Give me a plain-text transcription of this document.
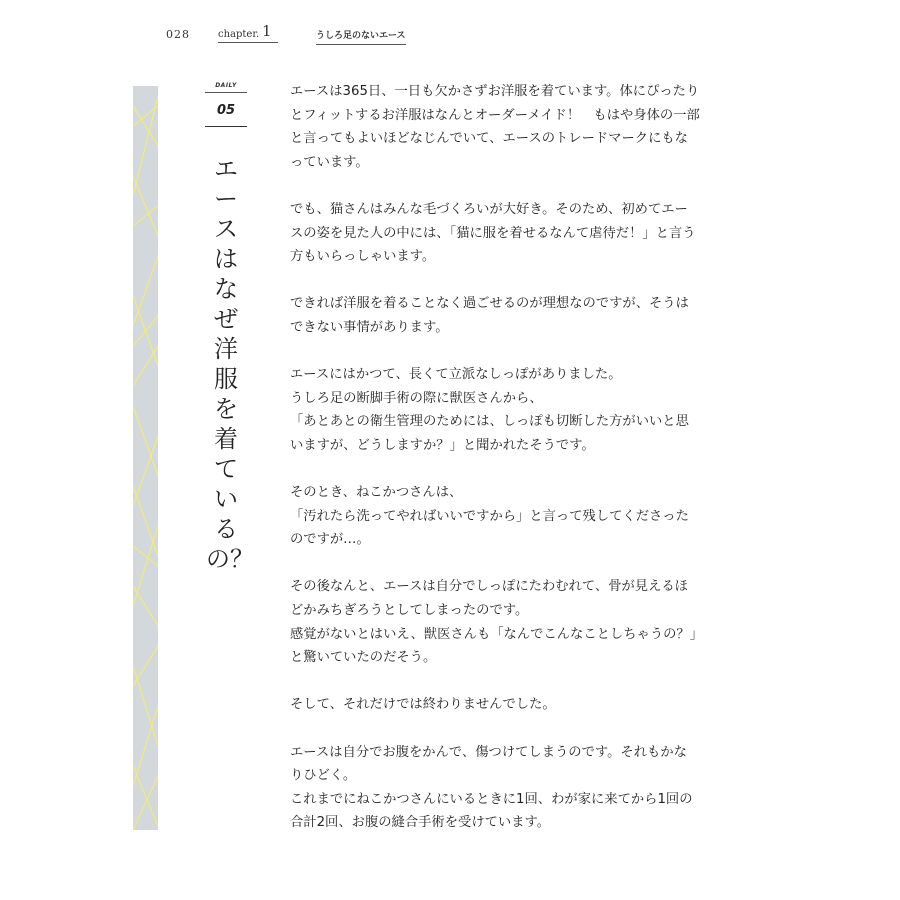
028	chapter. 1	うしろ足のないエース
DAILY
05
エースはなぜ洋服を着ているの？

エースは365日、一日も欠かさずお洋服を着ています。体にぴったりとフィットするお洋服はなんとオーダーメイド！　もはや身体の一部と言ってもよいほどなじんでいて、エースのトレードマークにもなっています。

でも、猫さんはみんな毛づくろいが大好き。そのため、初めてエースの姿を見た人の中には、「猫に服を着せるなんて虐待だ！」と言う方もいらっしゃいます。

できれば洋服を着ることなく過ごせるのが理想なのですが、そうはできない事情があります。

エースにはかつて、長くて立派なしっぽがありました。
うしろ足の断脚手術の際に獣医さんから、
「あとあとの衛生管理のためには、しっぽも切断した方がいいと思いますが、どうしますか？」と聞かれたそうです。

そのとき、ねこかつさんは、
「汚れたら洗ってやればいいですから」と言って残してくださったのですが…。

その後なんと、エースは自分でしっぽにたわむれて、骨が見えるほどかみちぎろうとしてしまったのです。
感覚がないとはいえ、獣医さんも「なんでこんなことしちゃうの？」と驚いていたのだそう。

そして、それだけでは終わりませんでした。

エースは自分でお腹をかんで、傷つけてしまうのです。それもかなりひどく。
これまでにねこかつさんにいるときに1回、わが家に来てから1回の合計2回、お腹の縫合手術を受けています。
